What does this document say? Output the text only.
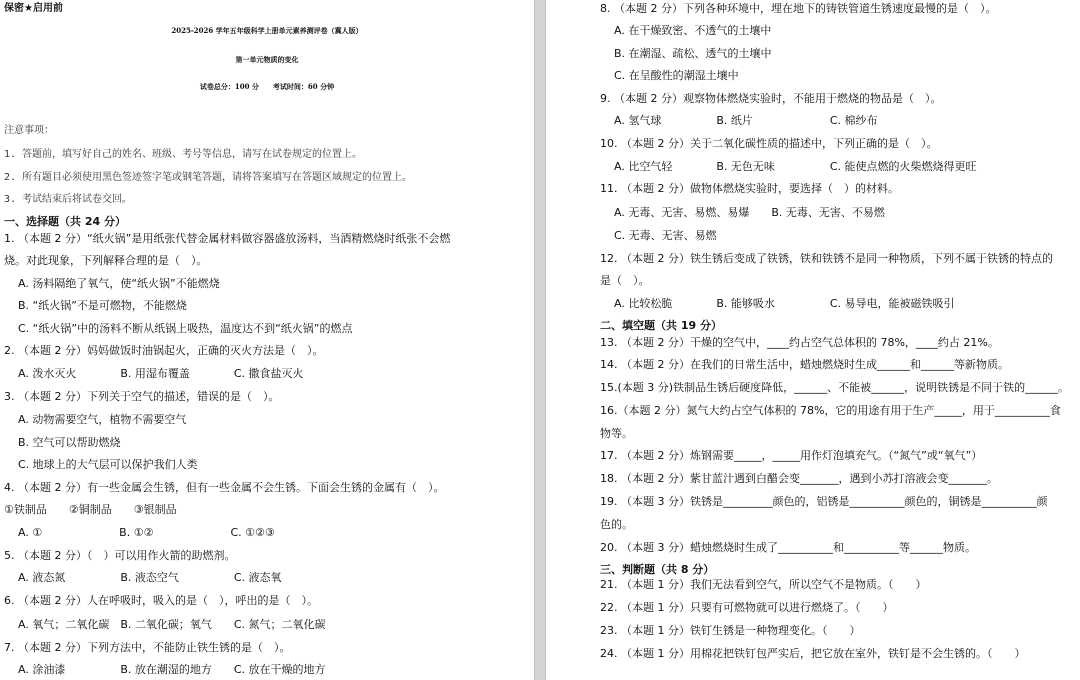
保密★启用前
2025-2026 学年五年级科学上册单元素养测评卷（冀人版）
第一单元物质的变化
试卷总分：100 分　　考试时间：60 分钟
注意事项：
1. 答题前，填写好自己的姓名、班级、考号等信息，请写在试卷规定的位置上。
2. 所有题目必须使用黑色签迹签字笔或钢笔答题，请将答案填写在答题区域规定的位置上。
3. 考试结束后将试卷交回。
一、选择题（共 24 分）
1. （本题 2 分）“纸火锅”是用纸张代替金属材料做容器盛放汤料，当酒精燃烧时纸张不会燃
烧。对此现象，下列解释合理的是（　）。
A. 汤料隔绝了氧气，使“纸火锅”不能燃烧
B. “纸火锅”不是可燃物，不能燃烧
C. “纸火锅”中的汤料不断从纸锅上吸热，温度达不到“纸火锅”的燃点
2. （本题 2 分）妈妈做饭时油锅起火，正确的灭火方法是（　）。
A. 泼水灭火　　　　B. 用湿布覆盖　　　　C. 撒食盐灭火
3. （本题 2 分）下列关于空气的描述，错误的是（　）。
A. 动物需要空气，植物不需要空气
B. 空气可以帮助燃烧
C. 地球上的大气层可以保护我们人类
4. （本题 2 分）有一些金属会生锈，但有一些金属不会生锈。下面会生锈的金属有（　）。
①铁制品　　②铜制品　　③银制品
A. ①　　　　　　　B. ①②　　　　　　　C. ①②③
5. （本题 2 分）（　）可以用作火箭的助燃剂。
A. 液态氮　　　　　B. 液态空气　　　　　C. 液态氧
6. （本题 2 分）人在呼吸时，吸入的是（　），呼出的是（　）。
A. 氧气；二氧化碳　B. 二氧化碳；氧气　　C. 氮气；二氧化碳
7. （本题 2 分）下列方法中，不能防止铁生锈的是（　）。
A. 涂油漆　　　　　B. 放在潮湿的地方　　C. 放在干燥的地方
8. （本题 2 分）下列各种环境中，埋在地下的铸铁管道生锈速度最慢的是（　）。
A. 在干燥致密、不透气的土壤中
B. 在潮湿、疏松、透气的土壤中
C. 在呈酸性的潮湿土壤中
9. （本题 2 分）观察物体燃烧实验时，不能用于燃烧的物品是（　）。
A. 氢气球　　　　　B. 纸片　　　　　　　C. 棉纱布
10. （本题 2 分）关于二氧化碳性质的描述中，下列正确的是（　）。
A. 比空气轻　　　　B. 无色无味　　　　　C. 能使点燃的火柴燃烧得更旺
11. （本题 2 分）做物体燃烧实验时，要选择（　）的材料。
A. 无毒、无害、易燃、易爆　　B. 无毒、无害、不易燃
C. 无毒、无害、易燃
12. （本题 2 分）铁生锈后变成了铁锈，铁和铁锈不是同一种物质，下列不属于铁锈的特点的
是（　）。
A. 比较松脆　　　　B. 能够吸水　　　　　C. 易导电，能被磁铁吸引
二、填空题（共 19 分）
13. （本题 2 分）干燥的空气中，____约占空气总体积的 78%，____约占 21%。
14. （本题 2 分）在我们的日常生活中，蜡烛燃烧时生成______和______等新物质。
15.(本题 3 分)铁制品生锈后硬度降低，______、不能被______，说明铁锈是不同于铁的______。
16.（本题 2 分）氮气大约占空气体积的 78%，它的用途有用于生产_____，用于__________食
物等。
17. （本题 2 分）炼钢需要_____，_____用作灯泡填充气。（“氮气”或“氧气”）
18. （本题 2 分）紫甘蓝汁遇到白醋会变_______，遇到小苏打溶液会变_______。
19. （本题 3 分）铁锈是_________颜色的，铝锈是__________颜色的，铜锈是__________颜
色的。
20. （本题 3 分）蜡烛燃烧时生成了__________和__________等______物质。
三、判断题（共 8 分）
21. （本题 1 分）我们无法看到空气，所以空气不是物质。（　　）
22. （本题 1 分）只要有可燃物就可以进行燃烧了。（　　）
23. （本题 1 分）铁钉生锈是一种物理变化。（　　）
24. （本题 1 分）用棉花把铁钉包严实后，把它放在室外，铁钉是不会生锈的。（　　）
